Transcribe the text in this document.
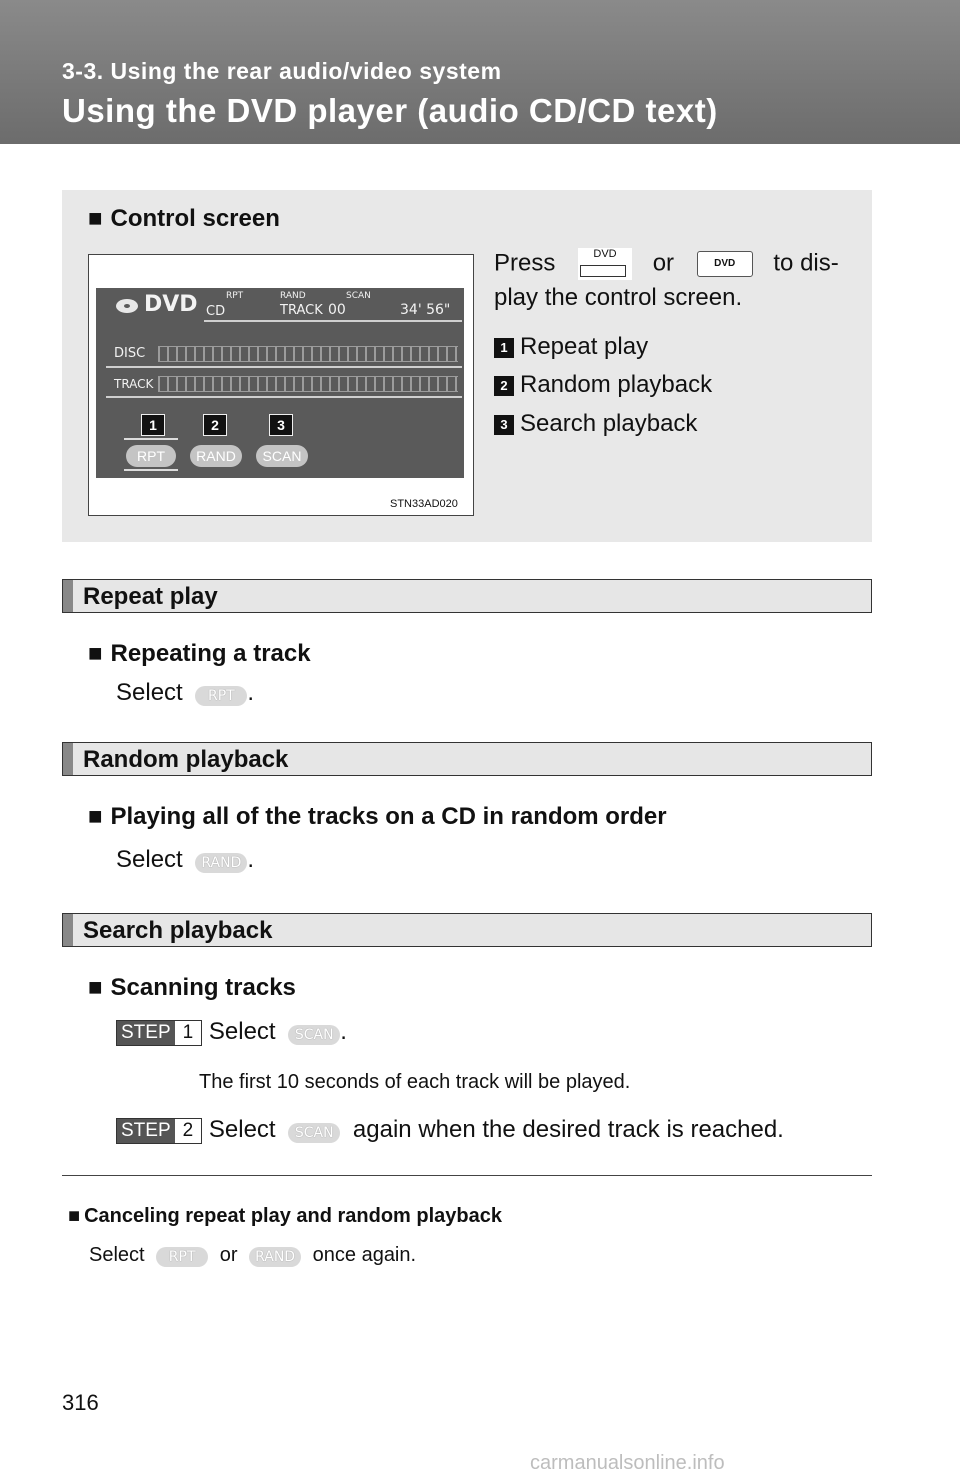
3-3. Using the rear audio/video system
Using the DVD player (audio CD/CD text)
■ Control screen
DVD CD
RPT	RAND	SCAN
TRACK 00	34' 56"
DISC
TRACK
1	2	3
RPT	RAND	SCAN
STN33AD020
Press	DVD	or	DVD to dis-
play the control screen.
1 Repeat play
2 Random playback
3 Search playback
Repeat play
■ Repeating a track
Select RPT .
Random playback
■ Playing all of the tracks on a CD in random order
Select RAND .
Search playback
■ Scanning tracks
STEP 1 Select SCAN .
The first 10 seconds of each track will be played.
STEP 2 Select SCAN again when the desired track is reached.
■ Canceling repeat play and random playback
Select RPT or RAND once again.
316
carmanualsonline.info
